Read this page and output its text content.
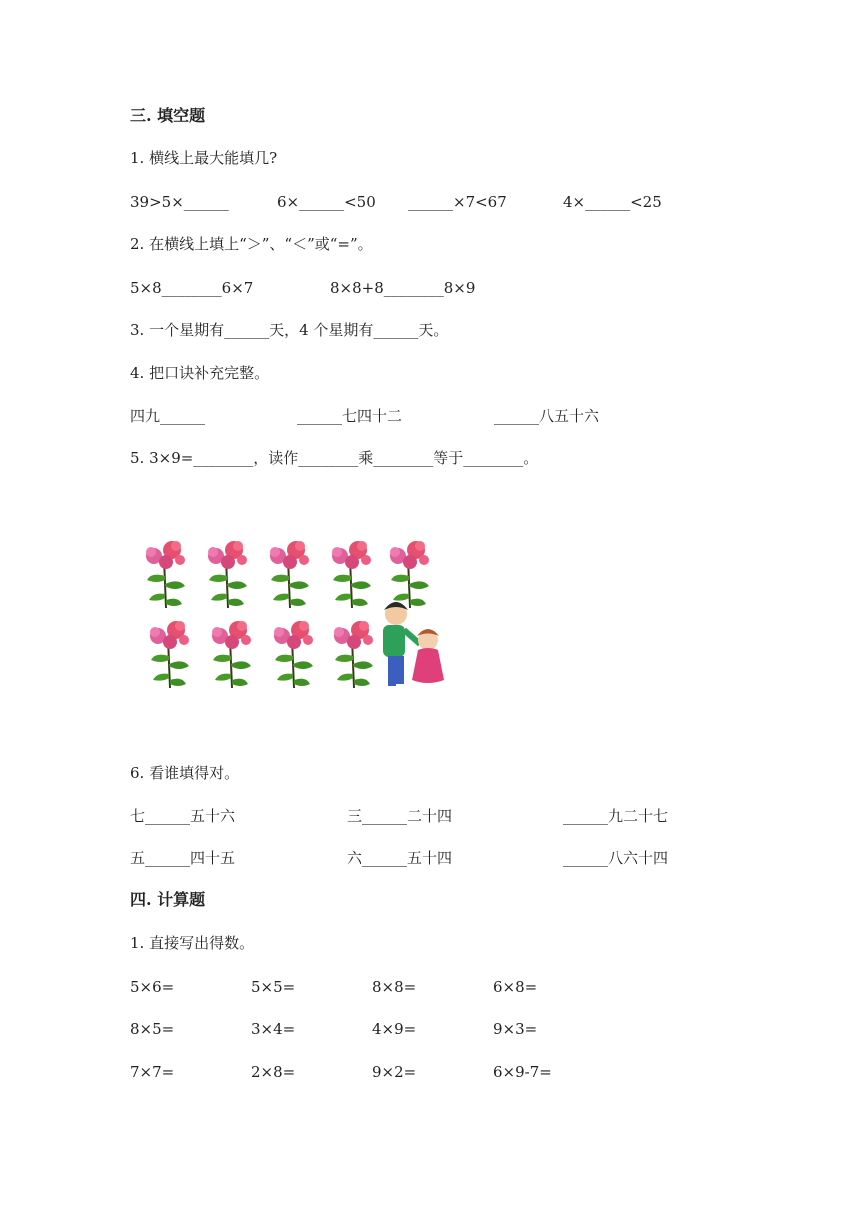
三. 填空题
1. 横线上最大能填几?
39>5×______	6×______<50 ______×7<67	4×______<25
2. 在横线上填上“＞”、“＜”或“=”。
5×8________6×7	8×8+8________8×9
3. 一个星期有______天，4 个星期有______天。
4. 把口诀补充完整。
四九______	______七四十二	______八五十六
5. 3×9=________，读作________乘________等于________。
6. 看谁填得对。
七______五十六	三______二十四	______九二十七
五______四十五	六______五十四	______八六十四
四. 计算题
1. 直接写出得数。
5×6=	5×5=	8×8=	6×8=
8×5=	3×4=	4×9=	9×3=
7×7=	2×8=	9×2=	6×9-7=
